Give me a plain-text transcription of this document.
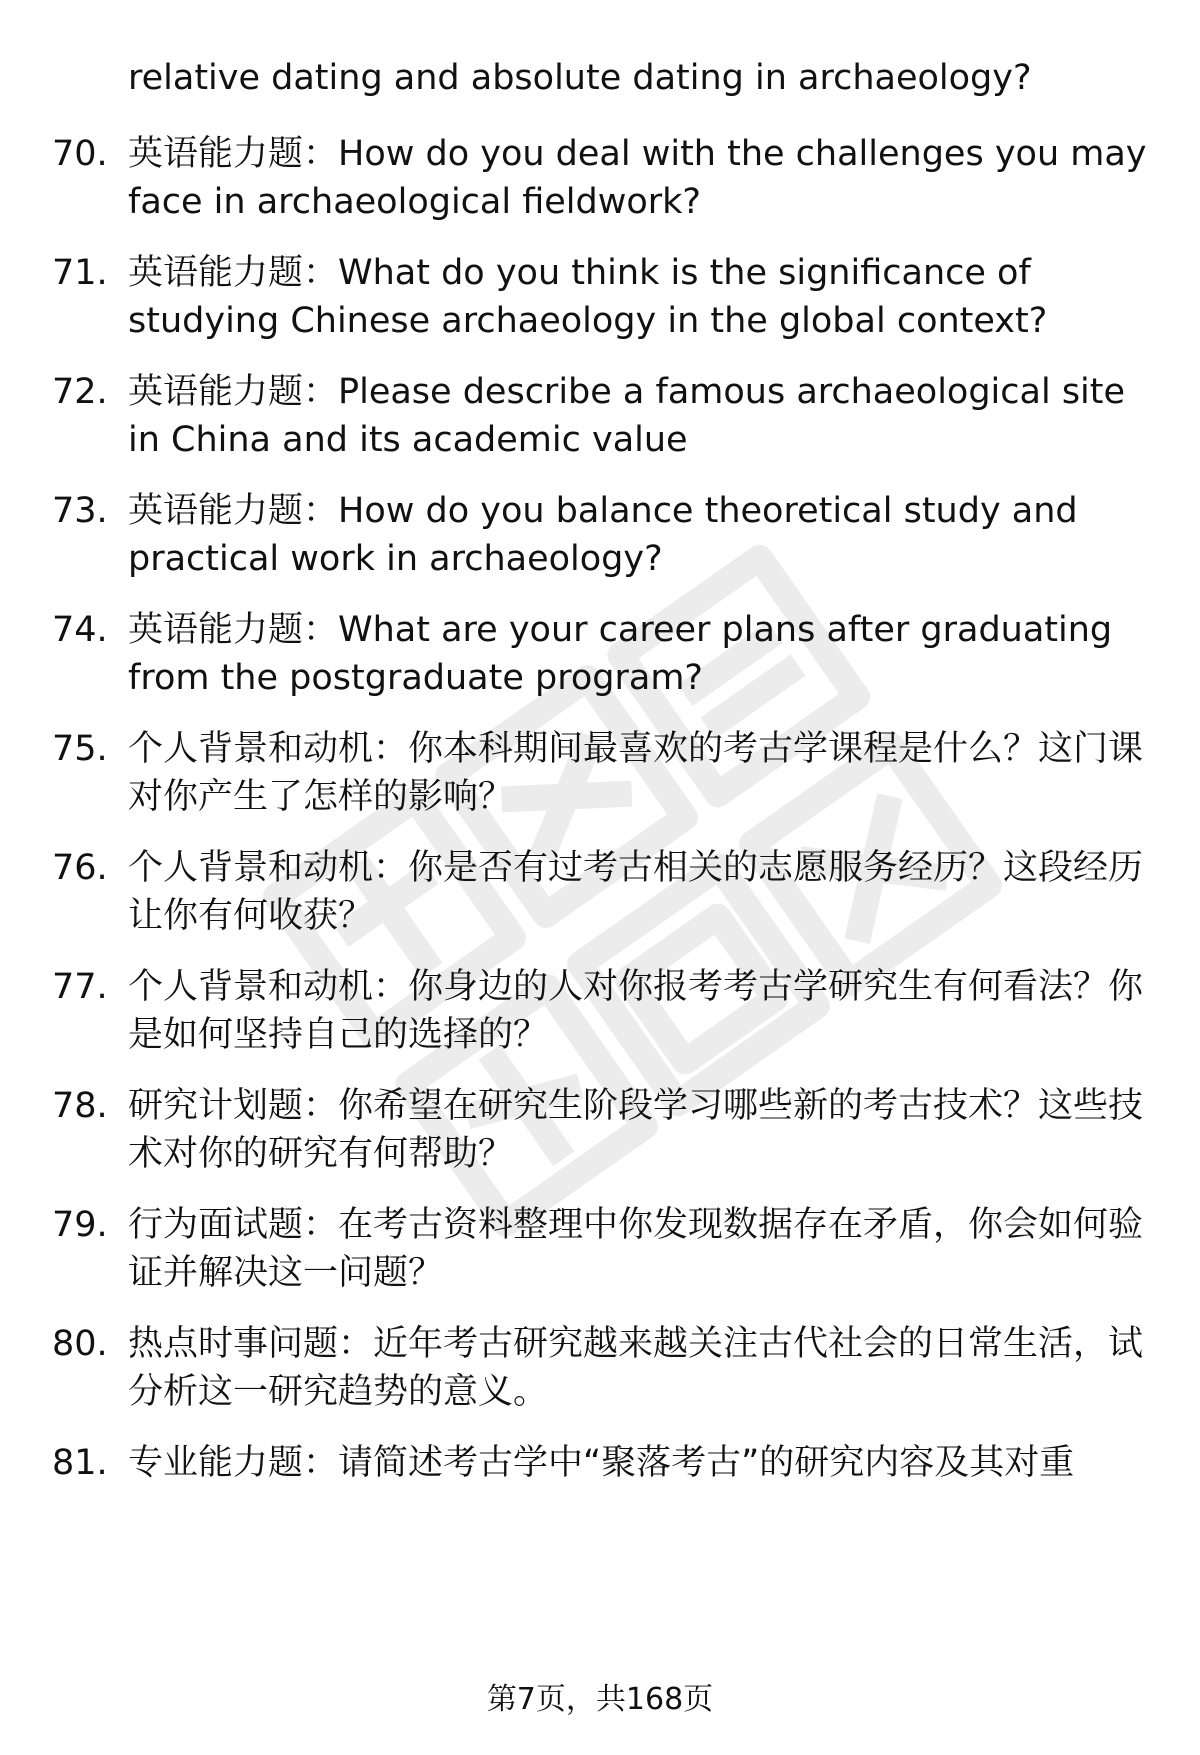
relative dating and absolute dating in archaeology?
70. 英语能力题：How do you deal with the challenges you may face in archaeological fieldwork?
71. 英语能力题：What do you think is the significance of studying Chinese archaeology in the global context?
72. 英语能力题：Please describe a famous archaeological site in China and its academic value
73. 英语能力题：How do you balance theoretical study and practical work in archaeology?
74. 英语能力题：What are your career plans after graduating from the postgraduate program?
75. 个人背景和动机：你本科期间最喜欢的考古学课程是什么？这门课对你产生了怎样的影响？
76. 个人背景和动机：你是否有过考古相关的志愿服务经历？这段经历让你有何收获？
77. 个人背景和动机：你身边的人对你报考考古学研究生有何看法？你是如何坚持自己的选择的？
78. 研究计划题：你希望在研究生阶段学习哪些新的考古技术？这些技术对你的研究有何帮助？
79. 行为面试题：在考古资料整理中你发现数据存在矛盾，你会如何验证并解决这一问题？
80. 热点时事问题：近年考古研究越来越关注古代社会的日常生活，试分析这一研究趋势的意义。
81. 专业能力题：请简述考古学中“聚落考古”的研究内容及其对重
第7页，共168页
